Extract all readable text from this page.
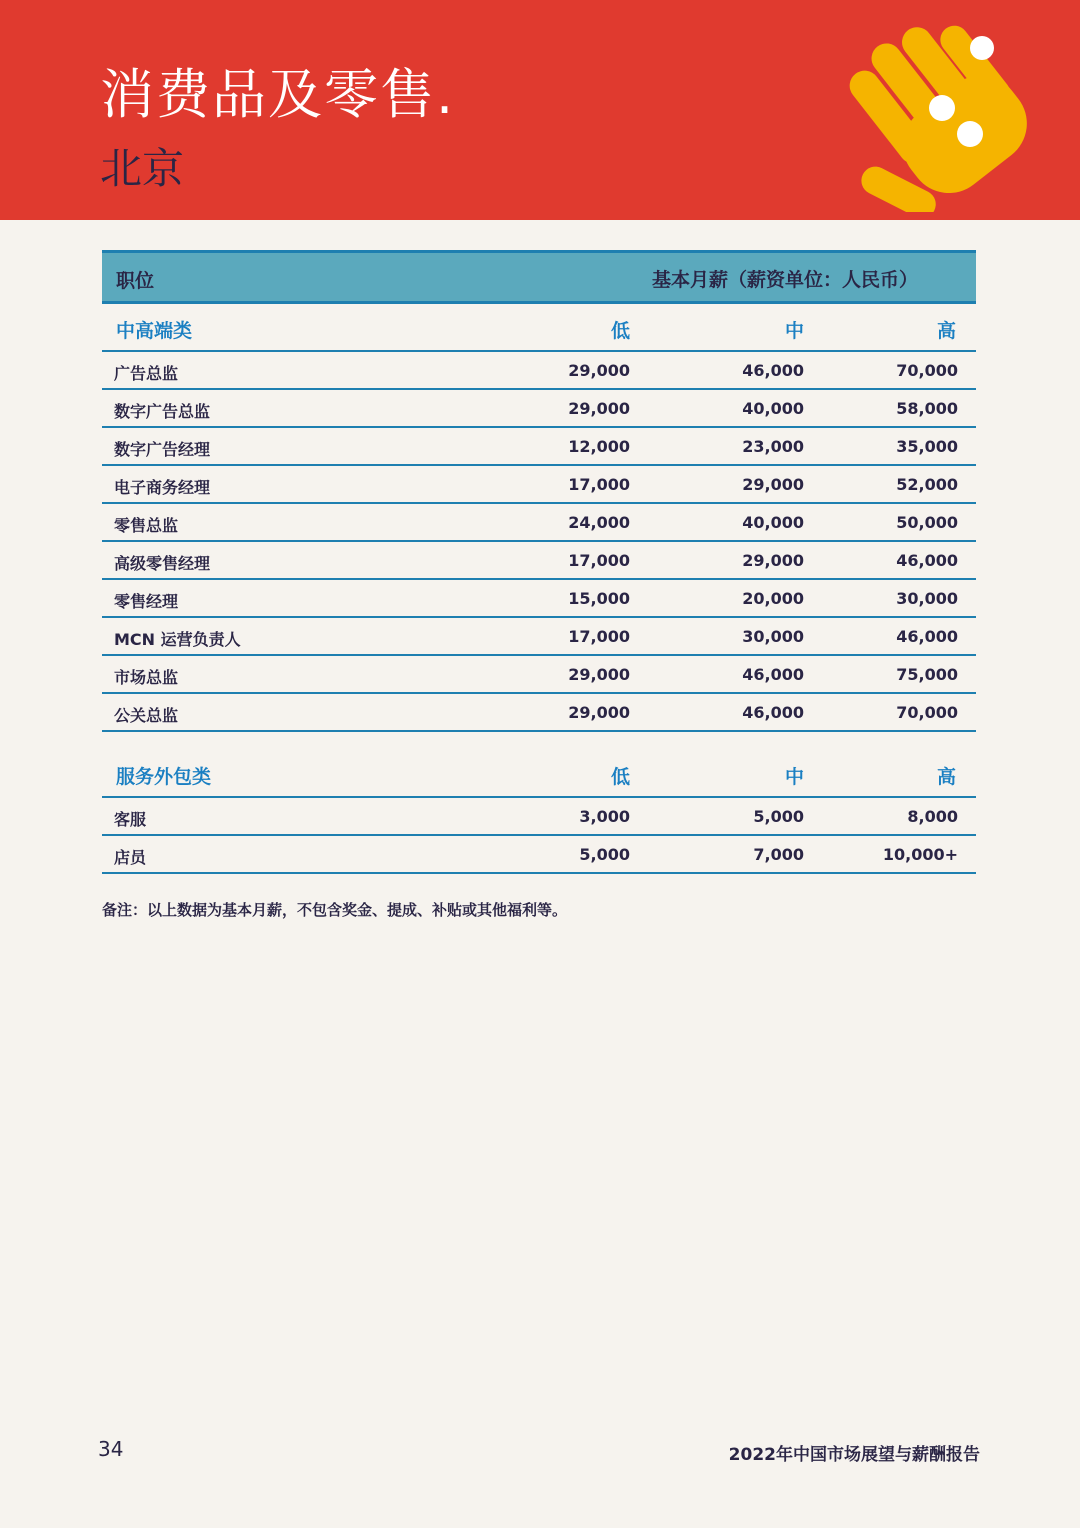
消费品及零售.
北京
职位	基本月薪（薪资单位：人民币）
中高端类	低	中	高
广告总监	29,000	46,000	70,000
数字广告总监	29,000	40,000	58,000
数字广告经理	12,000	23,000	35,000
电子商务经理	17,000	29,000	52,000
零售总监	24,000	40,000	50,000
高级零售经理	17,000	29,000	46,000
零售经理	15,000	20,000	30,000
MCN 运营负责人	17,000	30,000	46,000
市场总监	29,000	46,000	75,000
公关总监	29,000	46,000	70,000
服务外包类	低	中	高
客服	3,000	5,000	8,000
店员	5,000	7,000	10,000+
备注：以上数据为基本月薪，不包含奖金、提成、补贴或其他福利等。
34	2022年中国市场展望与薪酬报告
